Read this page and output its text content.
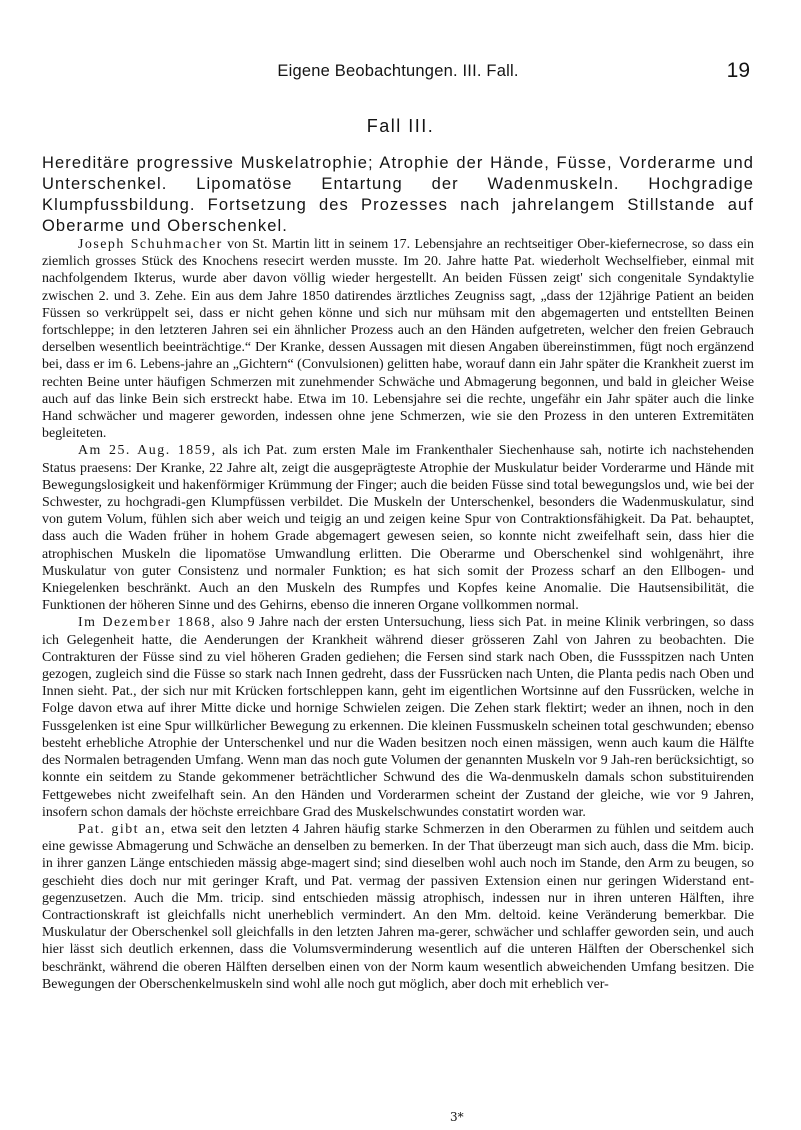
Eigene Beobachtungen. III. Fall.	19
Fall III.
Hereditäre progressive Muskelatrophie; Atrophie der Hände, Füsse, Vorderarme und Unterschenkel. Lipomatöse Entartung der Wadenmuskeln. Hochgradige Klumpfussbildung. Fortsetzung des Prozesses nach jahrelangem Stillstande auf Oberarme und Oberschenkel.

Joseph Schuhmacher von St. Martin litt in seinem 17. Lebensjahre an rechtseitiger Ober-kiefernecrose, so dass ein ziemlich grosses Stück des Knochens resecirt werden musste. Im 20. Jahre hatte Pat. wiederholt Wechselfieber, einmal mit nachfolgendem Ikterus, wurde aber davon völlig wieder hergestellt. An beiden Füssen zeigt' sich congenitale Syndaktylie zwischen 2. und 3. Zehe. Ein aus dem Jahre 1850 datirendes ärztliches Zeugniss sagt, „dass der 12jährige Patient an beiden Füssen so verkrüppelt sei, dass er nicht gehen könne und sich nur mühsam mit den abgemagerten und entstellten Beinen fortschleppe; in den letzteren Jahren sei ein ähnlicher Prozess auch an den Händen aufgetreten, welcher den freien Gebrauch derselben wesentlich beeinträchtige.“ Der Kranke, dessen Aussagen mit diesen Angaben übereinstimmen, fügt noch ergänzend bei, dass er im 6. Lebens-jahre an „Gichtern“ (Convulsionen) gelitten habe, worauf dann ein Jahr später die Krankheit zuerst im rechten Beine unter häufigen Schmerzen mit zunehmender Schwäche und Abmagerung begonnen, und bald in gleicher Weise auch auf das linke Bein sich erstreckt habe. Etwa im 10. Lebensjahre sei die rechte, ungefähr ein Jahr später auch die linke Hand schwächer und magerer geworden, indessen ohne jene Schmerzen, wie sie den Prozess in den unteren Extremitäten begleiteten.

Am 25. Aug. 1859, als ich Pat. zum ersten Male im Frankenthaler Siechenhause sah, notirte ich nachstehenden Status praesens: Der Kranke, 22 Jahre alt, zeigt die ausgeprägteste Atrophie der Muskulatur beider Vorderarme und Hände mit Bewegungslosigkeit und hakenförmiger Krümmung der Finger; auch die beiden Füsse sind total bewegungslos und, wie bei der Schwester, zu hochgradi-gen Klumpfüssen verbildet. Die Muskeln der Unterschenkel, besonders die Wadenmuskulatur, sind von gutem Volum, fühlen sich aber weich und teigig an und zeigen keine Spur von Contraktionsfähigkeit. Da Pat. behauptet, dass auch die Waden früher in hohem Grade abgemagert gewesen seien, so konnte nicht zweifelhaft sein, dass hier die atrophischen Muskeln die lipomatöse Umwandlung erlitten. Die Oberarme und Oberschenkel sind wohlgenährt, ihre Muskulatur von guter Consistenz und normaler Funktion; es hat sich somit der Prozess scharf an den Ellbogen- und Kniegelenken beschränkt. Auch an den Muskeln des Rumpfes und Kopfes keine Anomalie. Die Hautsensibilität, die Funktionen der höheren Sinne und des Gehirns, ebenso die inneren Organe vollkommen normal.

Im Dezember 1868, also 9 Jahre nach der ersten Untersuchung, liess sich Pat. in meine Klinik verbringen, so dass ich Gelegenheit hatte, die Aenderungen der Krankheit während dieser grösseren Zahl von Jahren zu beobachten. Die Contrakturen der Füsse sind zu viel höheren Graden gediehen; die Fersen sind stark nach Oben, die Fussspitzen nach Unten gezogen, zugleich sind die Füsse so stark nach Innen gedreht, dass der Fussrücken nach Unten, die Planta pedis nach Oben und Innen sieht. Pat., der sich nur mit Krücken fortschleppen kann, geht im eigentlichen Wortsinne auf den Fussrücken, welche in Folge davon etwa auf ihrer Mitte dicke und hornige Schwielen zeigen. Die Zehen stark flektirt; weder an ihnen, noch in den Fussgelenken ist eine Spur willkürlicher Bewegung zu erkennen. Die kleinen Fussmuskeln scheinen total geschwunden; ebenso besteht erhebliche Atrophie der Unterschenkel und nur die Waden besitzen noch einen mässigen, wenn auch kaum die Hälfte des Normalen betragenden Umfang. Wenn man das noch gute Volumen der genannten Muskeln vor 9 Jah-ren berücksichtigt, so konnte ein seitdem zu Stande gekommener beträchtlicher Schwund des die Wa-denmuskeln damals schon substituirenden Fettgewebes nicht zweifelhaft sein. An den Händen und Vorderarmen scheint der Zustand der gleiche, wie vor 9 Jahren, insofern schon damals der höchste erreichbare Grad des Muskelschwundes constatirt worden war.

Pat. gibt an, etwa seit den letzten 4 Jahren häufig starke Schmerzen in den Oberarmen zu fühlen und seitdem auch eine gewisse Abmagerung und Schwäche an denselben zu bemerken. In der That überzeugt man sich auch, dass die Mm. bicip. in ihrer ganzen Länge entschieden mässig abge-magert sind; sind dieselben wohl auch noch im Stande, den Arm zu beugen, so geschieht dies doch nur mit geringer Kraft, und Pat. vermag der passiven Extension einen nur geringen Widerstand ent-gegenzusetzen. Auch die Mm. tricip. sind entschieden mässig atrophisch, indessen nur in ihren unteren Hälften, ihre Contractionskraft ist gleichfalls nicht unerheblich vermindert. An den Mm. deltoid. keine Veränderung bemerkbar. Die Muskulatur der Oberschenkel soll gleichfalls in den letzten Jahren ma-gerer, schwächer und schlaffer geworden sein, und auch hier lässt sich deutlich erkennen, dass die Volumsverminderung wesentlich auf die unteren Hälften der Oberschenkel sich beschränkt, während die oberen Hälften derselben einen von der Norm kaum wesentlich abweichenden Umfang besitzen. Die Bewegungen der Oberschenkelmuskeln sind wohl alle noch gut möglich, aber doch mit erheblich ver-

3*
